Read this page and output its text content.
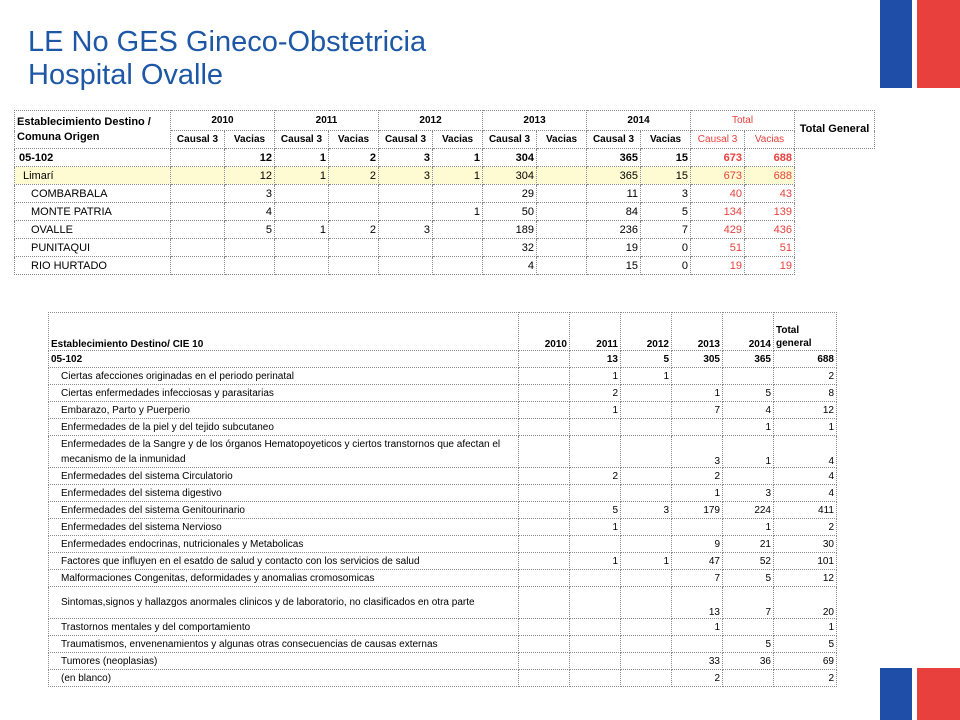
LE No GES Gineco-Obstetricia
Hospital Ovalle
Establecimiento Destino / Comuna Origen	2010		2011		2012		2013		2014		Total		Total General
	Causal 3	Vacias	Causal 3	Vacias	Causal 3	Vacias	Causal 3	Vacias	Causal 3	Vacias	Causal 3	Vacias	
05-102		12	1	2	3	1	304		365	15	673	688	
Limarí		12	1	2	3	1	304		365	15	673	688	
COMBARBALA		3					29		11	3	40	43	
MONTE PATRIA		4				1	50		84	5	134	139	
OVALLE		5	1	2	3		189		236	7	429	436	
PUNITAQUI							32		19	0	51	51	
RIO HURTADO							4		15	0	19	19	
Establecimiento Destino/ CIE 10	2010	2011	2012	2013	2014	Total general
05-102		13	5	305	365	688
Ciertas afecciones originadas en el periodo perinatal		1	1			2
Ciertas enfermedades infecciosas y parasitarias		2		1	5	8
Embarazo, Parto y Puerperio		1		7	4	12
Enfermedades de la piel y del tejido subcutaneo					1	1
Enfermedades de la Sangre y de los órganos Hematopoyeticos y ciertos transtornos que afectan el mecanismo de la inmunidad				3	1	4
Enfermedades del sistema Circulatorio		2		2		4
Enfermedades del sistema digestivo				1	3	4
Enfermedades del sistema Genitourinario		5	3	179	224	411
Enfermedades del sistema Nervioso		1			1	2
Enfermedades endocrinas, nutricionales y Metabolicas				9	21	30
Factores que influyen en el esatdo de salud y contacto con los servicios de salud		1	1	47	52	101
Malformaciones Congenitas, deformidades y anomalias cromosomicas				7	5	12
Sintomas,signos y hallazgos anormales clinicos y de laboratorio, no clasificados en otra parte				13	7	20
Trastornos mentales y del comportamiento				1		1
Traumatismos, envenenamientos y algunas otras consecuencias de causas externas					5	5
Tumores (neoplasias)				33	36	69
(en blanco)				2		2
